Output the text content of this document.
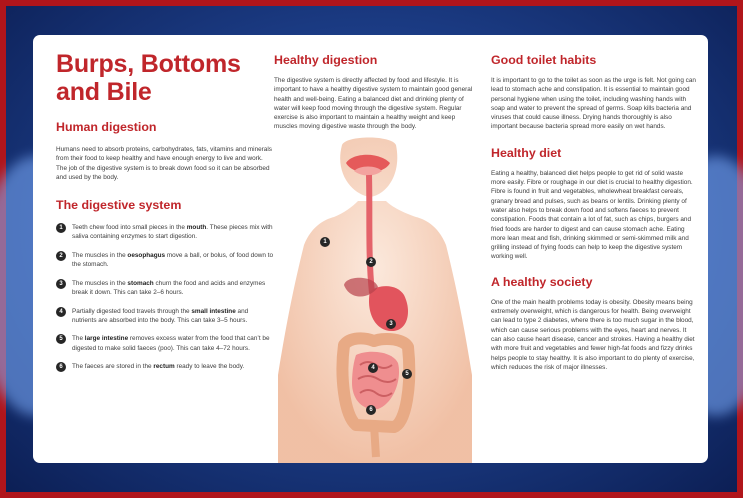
Burps, Bottoms
and Bile
Human digestion

Humans need to absorb proteins, carbohydrates, fats, vitamins and minerals from their food to keep healthy and have enough energy to live and work. The job of the digestive system is to break down food so it can be absorbed and used by the body.

The digestive system
1	Teeth chew food into small pieces in the mouth. These pieces mix with saliva containing enzymes to start digestion.

2	The muscles in the oesophagus move a ball, or bolus, of food down to the stomach.

3	The muscles in the stomach churn the food and acids and enzymes break it down. This can take 2–6 hours.

4	Partially digested food travels through the small intestine and nutrients are absorbed into the body. This can take 3–5 hours.

5	The large intestine removes excess water from the food that can’t be digested to make solid faeces (poo). This can take 4–72 hours.

6	The faeces are stored in the rectum ready to leave the body.

Healthy digestion

The digestive system is directly affected by food and lifestyle. It is important to have a healthy digestive system to maintain good general health and well-being. Eating a balanced diet and drinking plenty of water will keep food moving through the digestive system. Regular exercise is also important to maintain a healthy weight and keep muscles moving digestive waste through the body.

1
2
3
4
5
6
Good toilet habits

It is important to go to the toilet as soon as the urge is felt. Not going can lead to stomach ache and constipation. It is essential to maintain good personal hygiene when using the toilet, including washing hands with soap and water to prevent the spread of germs. Soap kills bacteria and viruses that could cause illness. Drying hands thoroughly is also important because bacteria spread more easily on wet hands.

Healthy diet

Eating a healthy, balanced diet helps people to get rid of solid waste more easily. Fibre or roughage in our diet is crucial to healthy digestion. Fibre is found in fruit and vegetables, wholewheat breakfast cereals, granary bread and pulses, such as beans or lentils. Drinking plenty of water also helps to break down food and softens faeces to prevent constipation. Foods that contain a lot of fat, such as chips, burgers and fried foods are harder to digest and can cause stomach ache. Eating more lean meat and fish, drinking skimmed or semi-skimmed milk and grilling instead of frying foods can help to keep the digestive system working well.

A healthy society

One of the main health problems today is obesity. Obesity means being extremely overweight, which is dangerous for health. Being overweight can lead to type 2 diabetes, where there is too much sugar in the blood, which can cause serious problems with the eyes, heart and nerves. It can also cause heart disease, cancer and strokes. Having a healthy diet with more fruit and vegetables and fewer high-fat foods and fizzy drinks helps people to stay healthy. It is also important to do plenty of exercise, which reduces the risk of major illnesses.
